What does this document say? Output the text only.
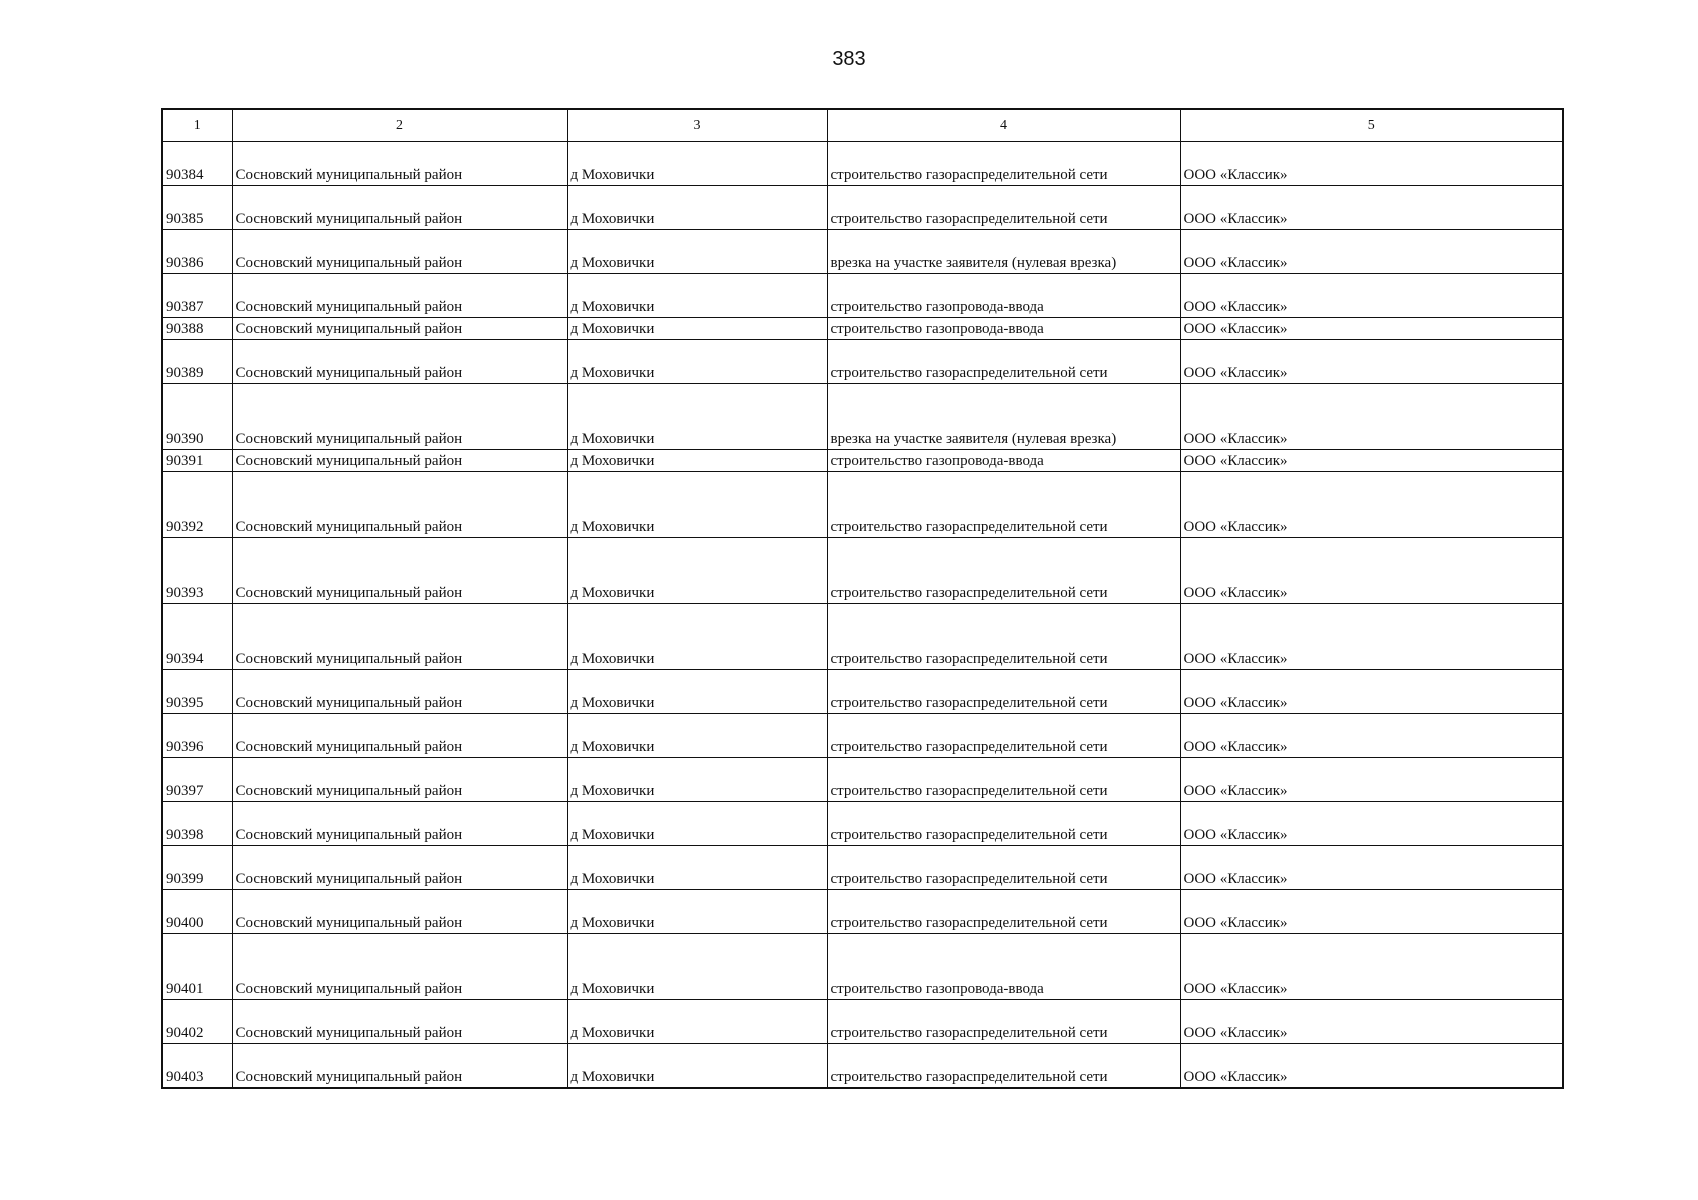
383
1	2	3	4	5
90384	Сосновский муниципальный район	д Моховички	строительство газораспределительной сети	ООО «Классик»
90385	Сосновский муниципальный район	д Моховички	строительство газораспределительной сети	ООО «Классик»
90386	Сосновский муниципальный район	д Моховички	врезка на участке заявителя (нулевая врезка)	ООО «Классик»
90387	Сосновский муниципальный район	д Моховички	строительство газопровода-ввода	ООО «Классик»
90388	Сосновский муниципальный район	д Моховички	строительство газопровода-ввода	ООО «Классик»
90389	Сосновский муниципальный район	д Моховички	строительство газораспределительной сети	ООО «Классик»
90390	Сосновский муниципальный район	д Моховички	врезка на участке заявителя (нулевая врезка)	ООО «Классик»
90391	Сосновский муниципальный район	д Моховички	строительство газопровода-ввода	ООО «Классик»
90392	Сосновский муниципальный район	д Моховички	строительство газораспределительной сети	ООО «Классик»
90393	Сосновский муниципальный район	д Моховички	строительство газораспределительной сети	ООО «Классик»
90394	Сосновский муниципальный район	д Моховички	строительство газораспределительной сети	ООО «Классик»
90395	Сосновский муниципальный район	д Моховички	строительство газораспределительной сети	ООО «Классик»
90396	Сосновский муниципальный район	д Моховички	строительство газораспределительной сети	ООО «Классик»
90397	Сосновский муниципальный район	д Моховички	строительство газораспределительной сети	ООО «Классик»
90398	Сосновский муниципальный район	д Моховички	строительство газораспределительной сети	ООО «Классик»
90399	Сосновский муниципальный район	д Моховички	строительство газораспределительной сети	ООО «Классик»
90400	Сосновский муниципальный район	д Моховички	строительство газораспределительной сети	ООО «Классик»
90401	Сосновский муниципальный район	д Моховички	строительство газопровода-ввода	ООО «Классик»
90402	Сосновский муниципальный район	д Моховички	строительство газораспределительной сети	ООО «Классик»
90403	Сосновский муниципальный район	д Моховички	строительство газораспределительной сети	ООО «Классик»
